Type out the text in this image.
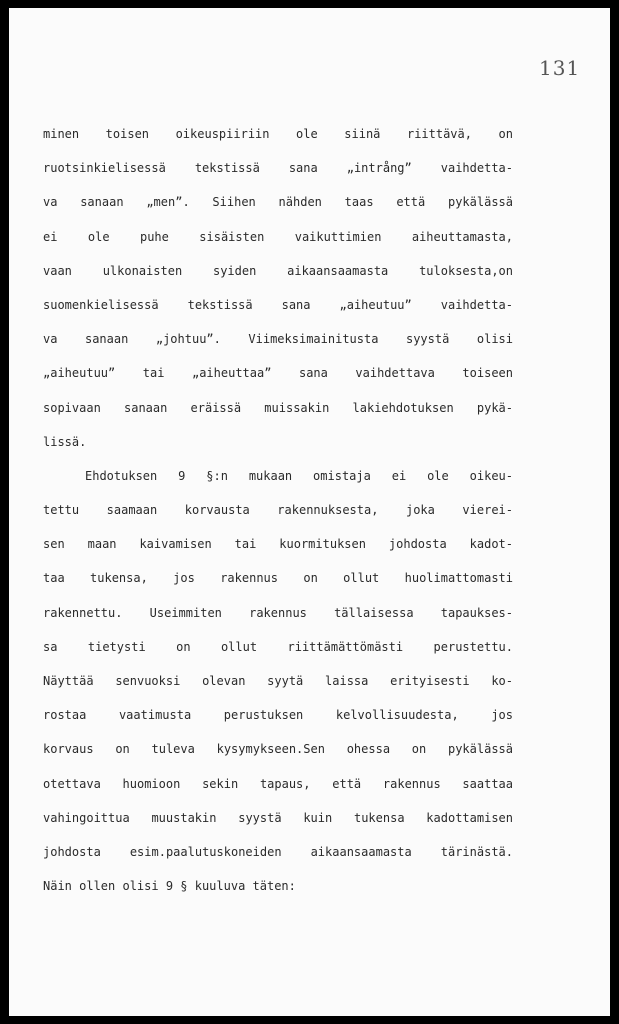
131
minen toisen oikeuspiiriin ole siinä riittävä, on
ruotsinkielisessä tekstissä sana „intrång” vaihdetta-
va sanaan „men”. Siihen nähden taas että pykälässä
ei ole puhe sisäisten vaikuttimien aiheuttamasta,
vaan ulkonaisten syiden aikaansaamasta tuloksesta,on
suomenkielisessä tekstissä sana „aiheutuu” vaihdetta-
va sanaan „johtuu”. Viimeksimainitusta syystä olisi
„aiheutuu” tai „aiheuttaa” sana vaihdettava toiseen
sopivaan sanaan eräissä muissakin lakiehdotuksen pykä-
lissä.
Ehdotuksen 9 §:n mukaan omistaja ei ole oikeu-
tettu saamaan korvausta rakennuksesta, joka vierei-
sen maan kaivamisen tai kuormituksen johdosta kadot-
taa tukensa, jos rakennus on ollut huolimattomasti
rakennettu. Useimmiten rakennus tällaisessa tapaukses-
sa tietysti on ollut riittämättömästi perustettu.
Näyttää senvuoksi olevan syytä laissa erityisesti ko-
rostaa vaatimusta perustuksen kelvollisuudesta, jos
korvaus on tuleva kysymykseen.Sen ohessa on pykälässä
otettava huomioon sekin tapaus, että rakennus saattaa
vahingoittua muustakin syystä kuin tukensa kadottamisen
johdosta esim.paalutuskoneiden aikaansaamasta tärinästä.
Näin ollen olisi 9 § kuuluva täten:
